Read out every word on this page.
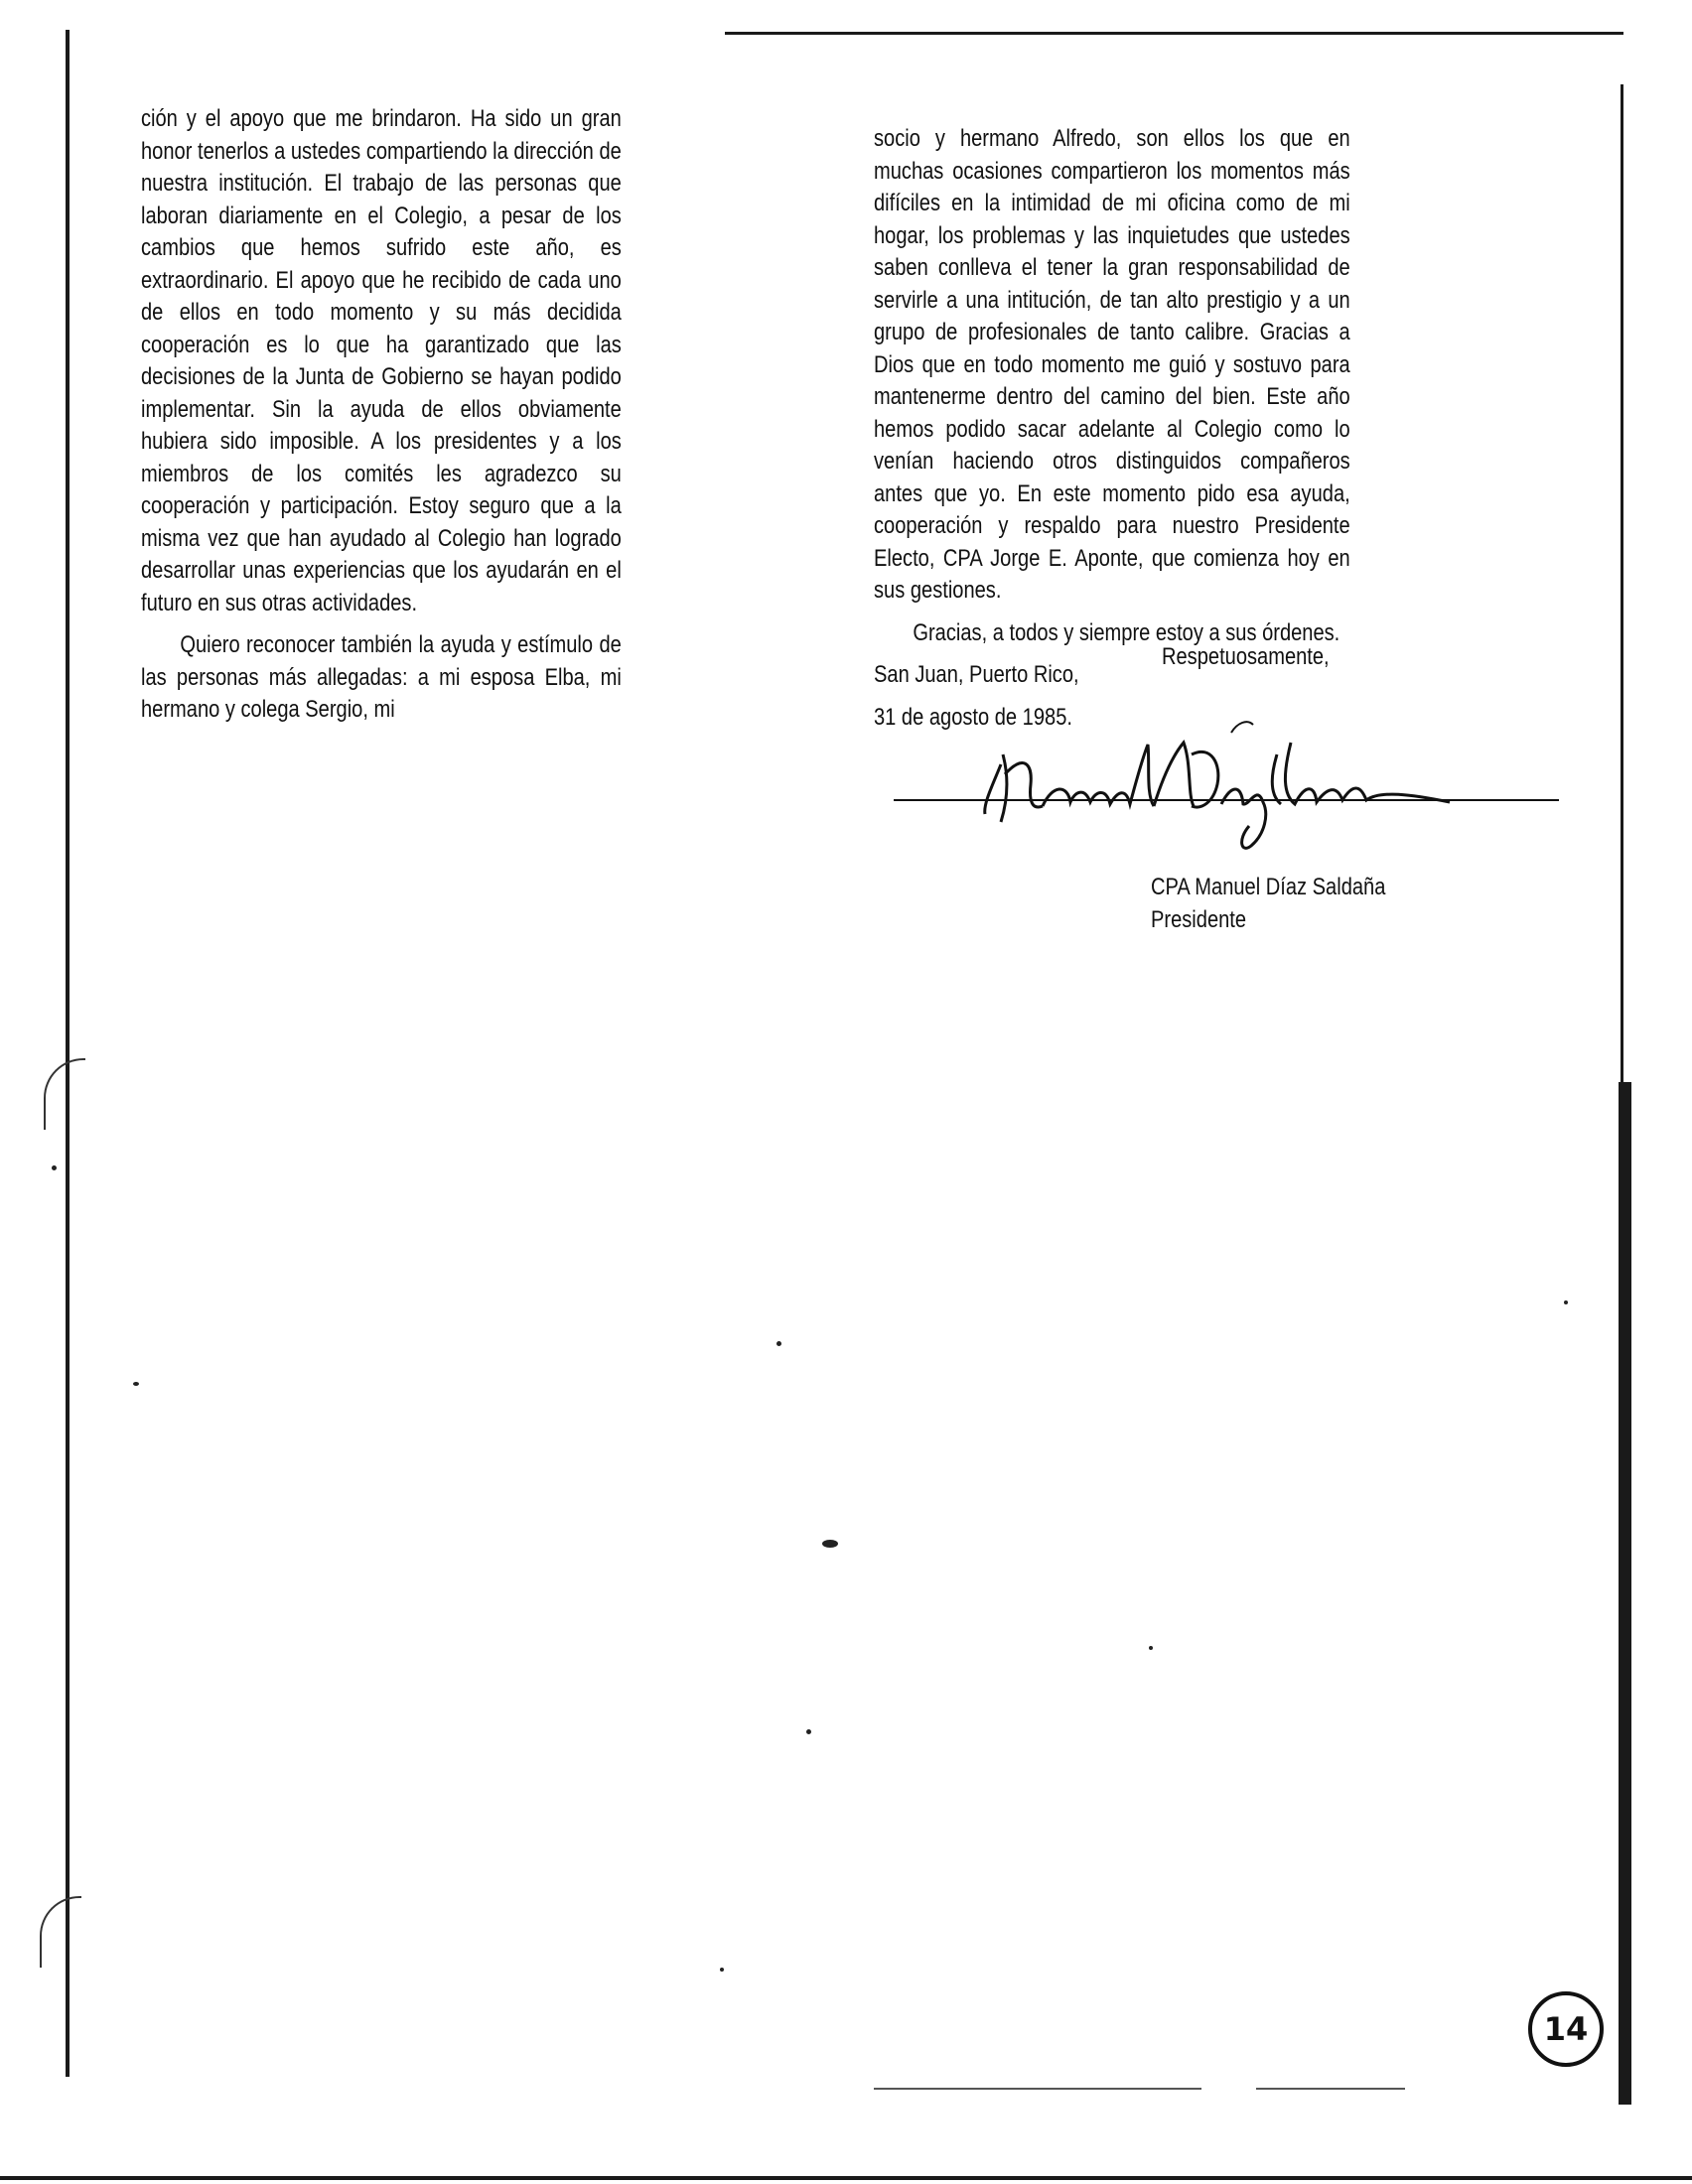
ción y el apoyo que me brindaron. Ha sido un gran honor tenerlos a ustedes compartiendo la dirección de nuestra institución. El trabajo de las personas que laboran diariamente en el Colegio, a pesar de los cambios que hemos sufrido este año, es extraordinario. El apoyo que he recibido de cada uno de ellos en todo momento y su más decidida cooperación es lo que ha garantizado que las decisiones de la Junta de Gobierno se hayan podido implementar. Sin la ayuda de ellos obviamente hubiera sido imposible. A los presidentes y a los miembros de los comités les agradezco su cooperación y participación. Estoy seguro que a la misma vez que han ayudado al Colegio han logrado desarrollar unas experiencias que los ayudarán en el futuro en sus otras actividades.

Quiero reconocer también la ayuda y estímulo de las personas más allegadas: a mi esposa Elba, mi hermano y colega Sergio, mi

socio y hermano Alfredo, son ellos los que en muchas ocasiones compartieron los momentos más difíciles en la intimidad de mi oficina como de mi hogar, los problemas y las inquietudes que ustedes saben conlleva el tener la gran responsabilidad de servirle a una intitución, de tan alto prestigio y a un grupo de profesionales de tanto calibre. Gracias a Dios que en todo momento me guió y sostuvo para mantenerme dentro del camino del bien. Este año hemos podido sacar adelante al Colegio como lo venían haciendo otros distinguidos compañeros antes que yo. En este momento pido esa ayuda, cooperación y respaldo para nuestro Presidente Electo, CPA Jorge E. Aponte, que comienza hoy en sus gestiones.

Gracias, a todos y siempre estoy a sus órdenes.

San Juan, Puerto Rico,

31 de agosto de 1985.

Respetuosamente,
CPA Manuel Díaz Saldaña
Presidente
14
